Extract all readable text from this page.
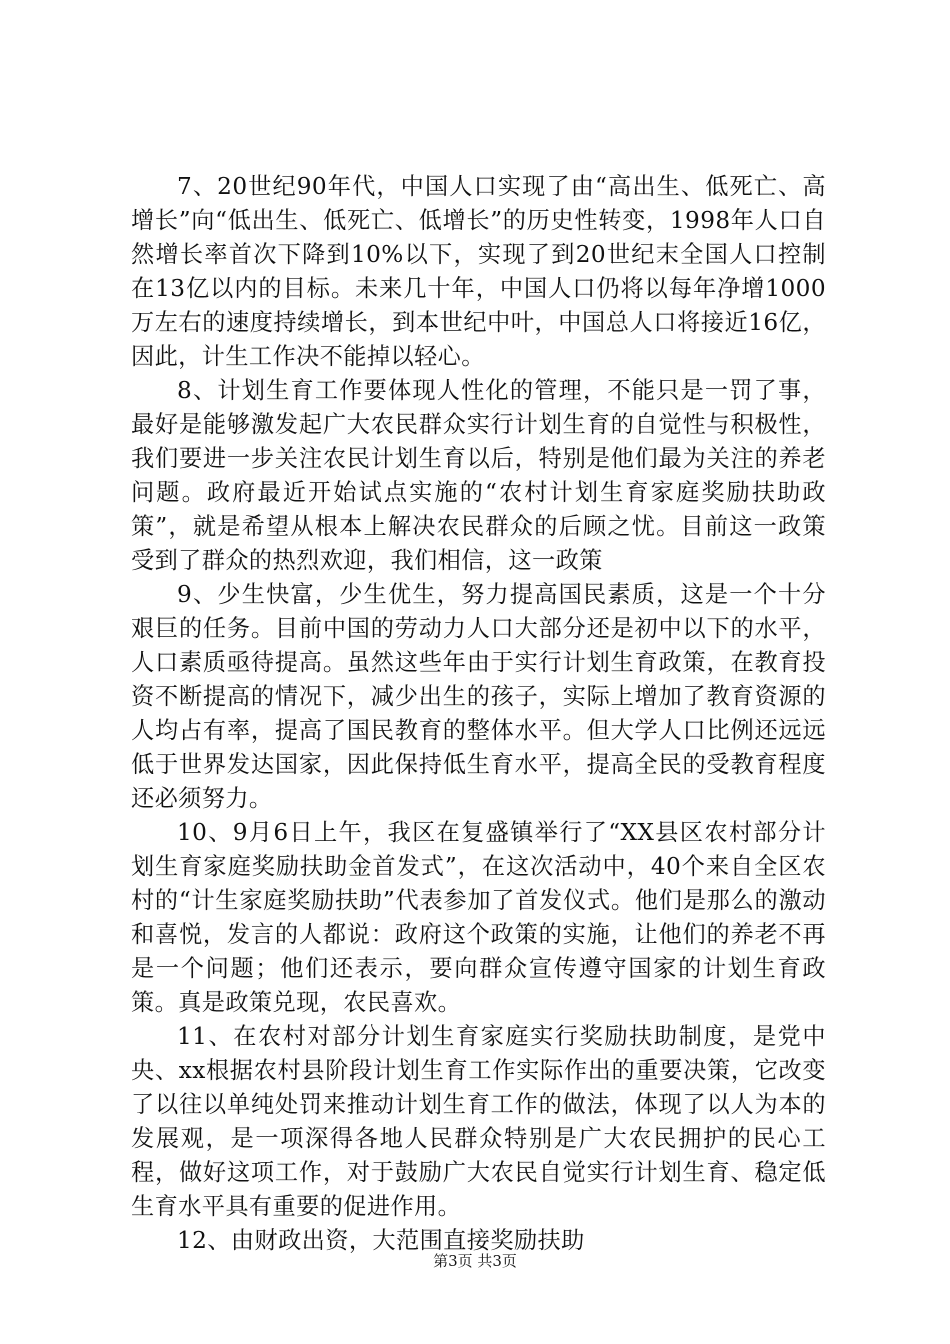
7、20世纪90年代，中国人口实现了由“高出生、低死亡、高增长”向“低出生、低死亡、低增长”的历史性转变，1998年人口自然增长率首次下降到10%以下，实现了到20世纪末全国人口控制在13亿以内的目标。未来几十年，中国人口仍将以每年净增1000万左右的速度持续增长，到本世纪中叶，中国总人口将接近16亿，因此，计生工作决不能掉以轻心。

8、计划生育工作要体现人性化的管理，不能只是一罚了事，最好是能够激发起广大农民群众实行计划生育的自觉性与积极性，我们要进一步关注农民计划生育以后，特别是他们最为关注的养老问题。政府最近开始试点实施的“农村计划生育家庭奖励扶助政策”，就是希望从根本上解决农民群众的后顾之忧。目前这一政策受到了群众的热烈欢迎，我们相信，这一政策

9、少生快富，少生优生，努力提高国民素质，这是一个十分艰巨的任务。目前中国的劳动力人口大部分还是初中以下的水平，人口素质亟待提高。虽然这些年由于实行计划生育政策，在教育投资不断提高的情况下，减少出生的孩子，实际上增加了教育资源的人均占有率，提高了国民教育的整体水平。但大学人口比例还远远低于世界发达国家，因此保持低生育水平，提高全民的受教育程度还必须努力。

10、9月6日上午，我区在复盛镇举行了“XX县区农村部分计划生育家庭奖励扶助金首发式”，在这次活动中，40个来自全区农村的“计生家庭奖励扶助”代表参加了首发仪式。他们是那么的激动和喜悦，发言的人都说：政府这个政策的实施，让他们的养老不再是一个问题；他们还表示，要向群众宣传遵守国家的计划生育政策。真是政策兑现，农民喜欢。

11、在农村对部分计划生育家庭实行奖励扶助制度，是党中央、xx根据农村县阶段计划生育工作实际作出的重要决策，它改变了以往以单纯处罚来推动计划生育工作的做法，体现了以人为本的发展观，是一项深得各地人民群众特别是广大农民拥护的民心工程，做好这项工作，对于鼓励广大农民自觉实行计划生育、稳定低生育水平具有重要的促进作用。

12、由财政出资，大范围直接奖励扶助

第3页 共3页
